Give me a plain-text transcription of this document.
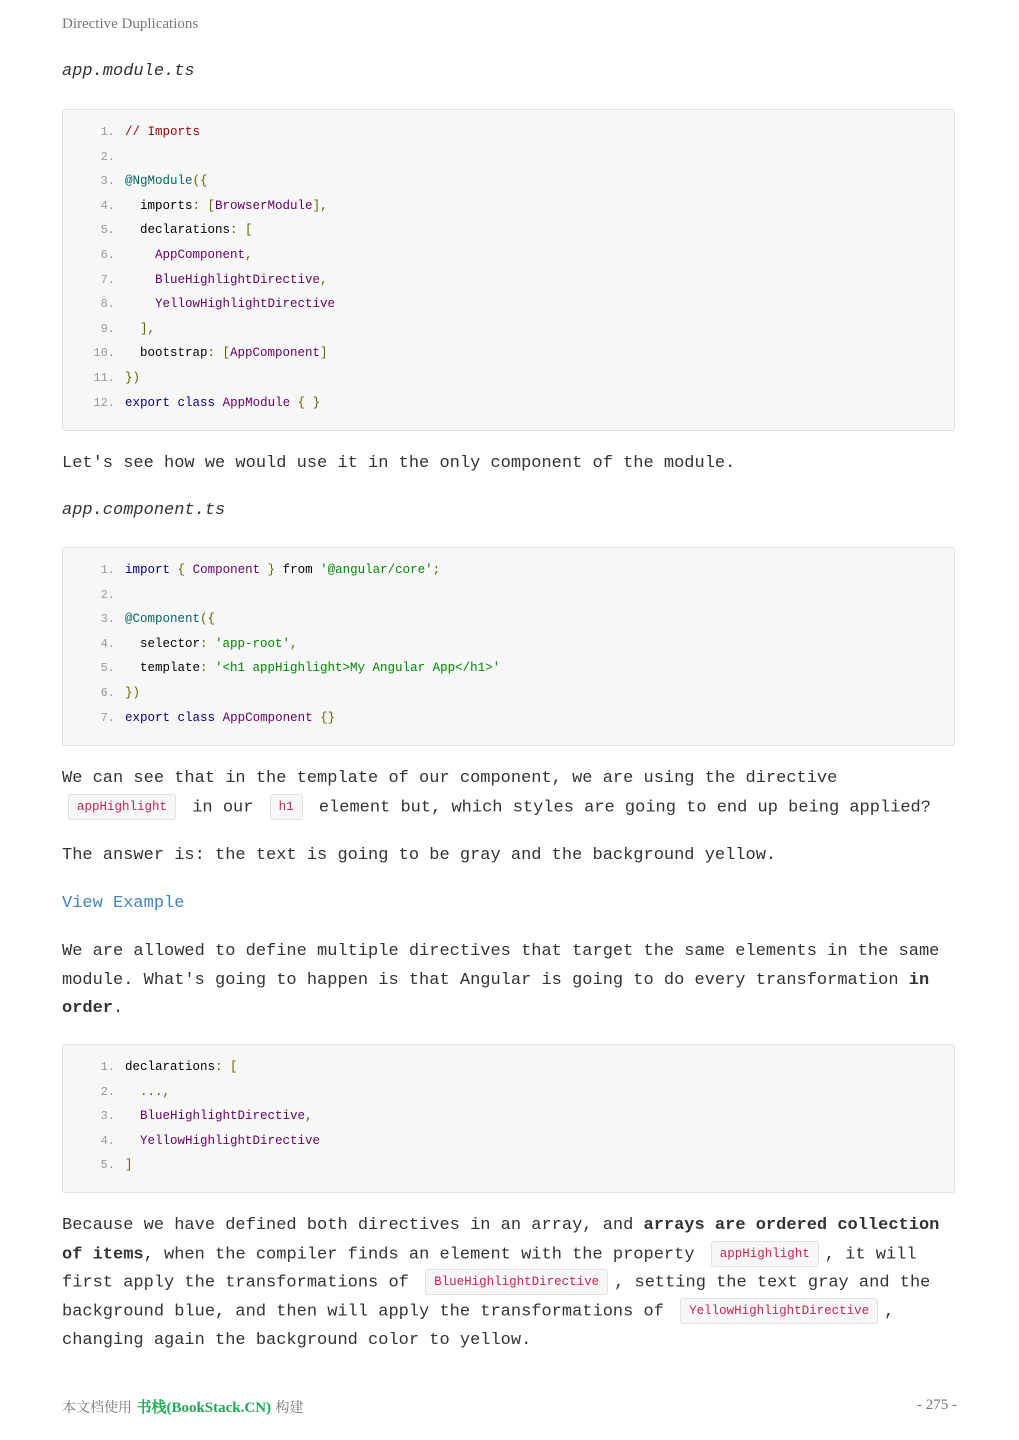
Directive Duplications
app.module.ts
1. // Imports
2.
3. @NgModule({
4. imports: [BrowserModule],
5. declarations: [
6. AppComponent,
7. BlueHighlightDirective,
8. YellowHighlightDirective
9. ],
10. bootstrap: [AppComponent]
11. })
12. export class AppModule { }
Let's see how we would use it in the only component of the module.
app.component.ts
1. import { Component } from '@angular/core';
2.
3. @Component({
4. selector: 'app-root',
5. template: '<h1 appHighlight>My Angular App</h1>'
6. })
7. export class AppComponent {}
We can see that in the template of our component, we are using the directive
appHighlight in our h1 element but, which styles are going to end up being applied?
The answer is: the text is going to be gray and the background yellow.
View Example
We are allowed to define multiple directives that target the same elements in the same module. What's going to happen is that Angular is going to do every transformation in order.
1. declarations: [
2. ...,
3. BlueHighlightDirective,
4. YellowHighlightDirective
5. ]
Because we have defined both directives in an array, and arrays are ordered collection of items, when the compiler finds an element with the property appHighlight , it will first apply the transformations of BlueHighlightDirective , setting the text gray and the background blue, and then will apply the transformations of YellowHighlightDirective , changing again the background color to yellow.
本文档使用 书栈(BookStack.CN) 构建	- 275 -
